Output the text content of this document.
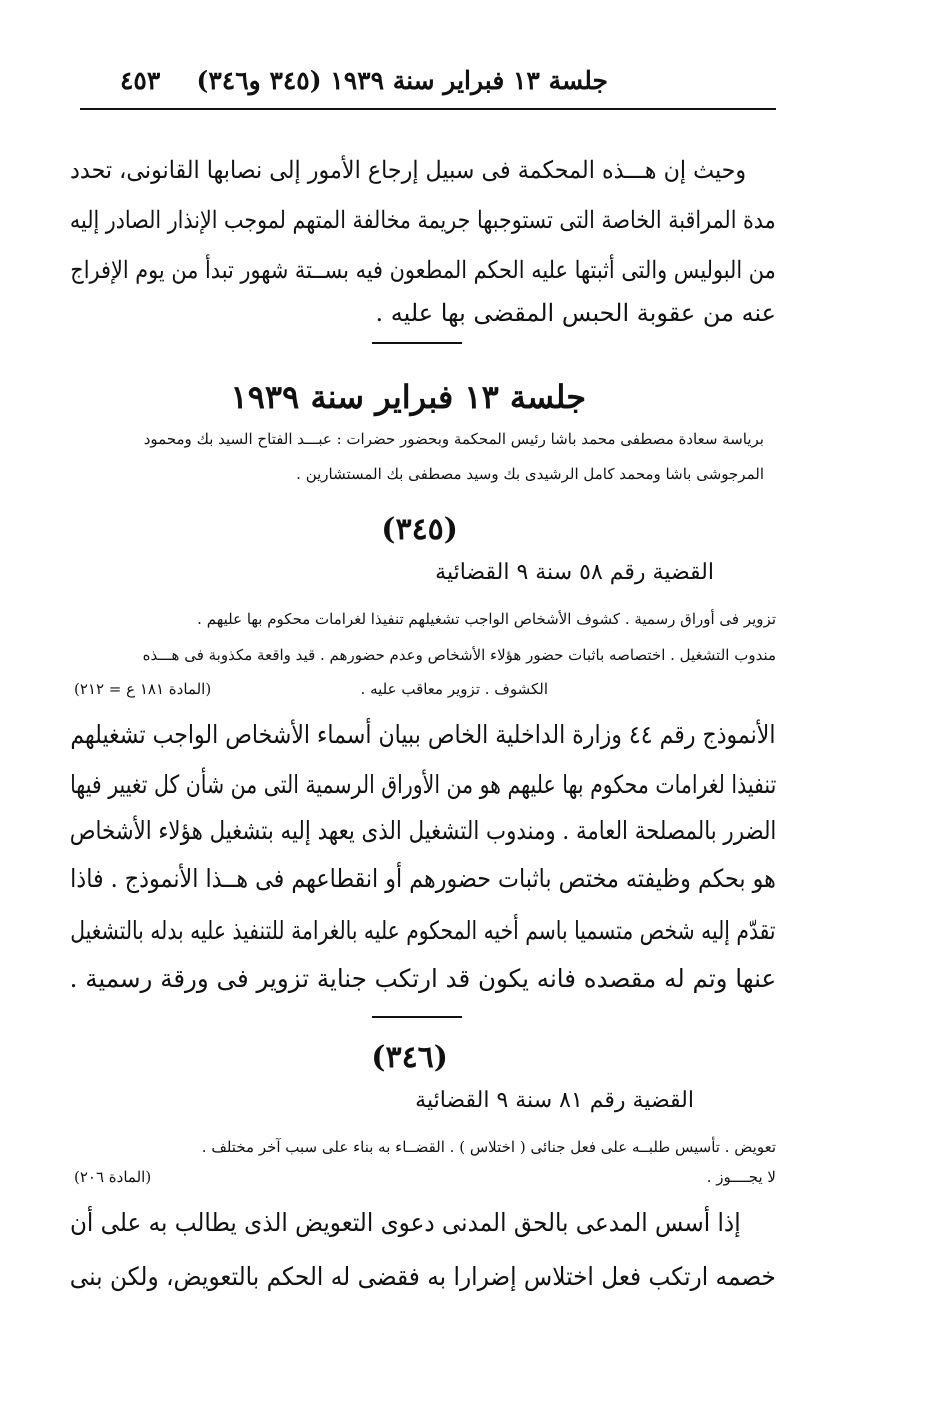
جلسة ١٣ فبراير سنة ١٩٣٩ (٣٤٥ و٣٤٦)
٤٥٣
وحيث إن هـــذه المحكمة فى سبيل إرجاع الأمور إلى نصابها القانونى، تحدد
مدة المراقبة الخاصة التى تستوجبها جريمة مخالفة المتهم لموجب الإنذار الصادر إليه
من البوليس والتى أثبتها عليه الحكم المطعون فيه بســتة شهور تبدأ من يوم الإفراج
عنه من عقوبة الحبس المقضى بها عليه .
جلسة ١٣ فبراير سنة ١٩٣٩
برياسة سعادة مصطفى محمد باشا رئيس المحكمة وبحضور حضرات : عبـــد الفتاح السيد بك ومحمود
المرجوشى باشا ومحمد كامل الرشيدى بك وسيد مصطفى بك المستشارين .
(٣٤٥)
القضية رقم ٥٨ سنة ٩ القضائية
تزوير فى أوراق رسمية . كشوف الأشخاص الواجب تشغيلهم تنفيذا لغرامات محكوم بها عليهم .
مندوب التشغيل . اختصاصه باثبات حضور هؤلاء الأشخاص وعدم حضورهم . قيد واقعة مكذوبة فى هـــذه
الكشوف . تزوير معاقب عليه .
(المادة ١٨١ ع = ٢١٢)
الأنموذج رقم ٤٤ وزارة الداخلية الخاص ببيان أسماء الأشخاص الواجب تشغيلهم
تنفيذا لغرامات محكوم بها عليهم هو من الأوراق الرسمية التى من شأن كل تغيير فيها
الضرر بالمصلحة العامة . ومندوب التشغيل الذى يعهد إليه بتشغيل هؤلاء الأشخاص
هو بحكم وظيفته مختص باثبات حضورهم أو انقطاعهم فى هــذا الأنموذج . فاذا
تقدّم إليه شخص متسميا باسم أخيه المحكوم عليه بالغرامة للتنفيذ عليه بدله بالتشغيل
عنها وتم له مقصده فانه يكون قد ارتكب جناية تزوير فى ورقة رسمية .
(٣٤٦)
القضية رقم ٨١ سنة ٩ القضائية
تعويض . تأسيس طلبــه على فعل جنائى ( اختلاس ) . القضــاء به بناء على سبب آخر مختلف .
لا يجــــوز .
(المادة ٢٠٦)
إذا أسس المدعى بالحق المدنى دعوى التعويض الذى يطالب به على أن
خصمه ارتكب فعل اختلاس إضرارا به فقضى له الحكم بالتعويض، ولكن بنى
